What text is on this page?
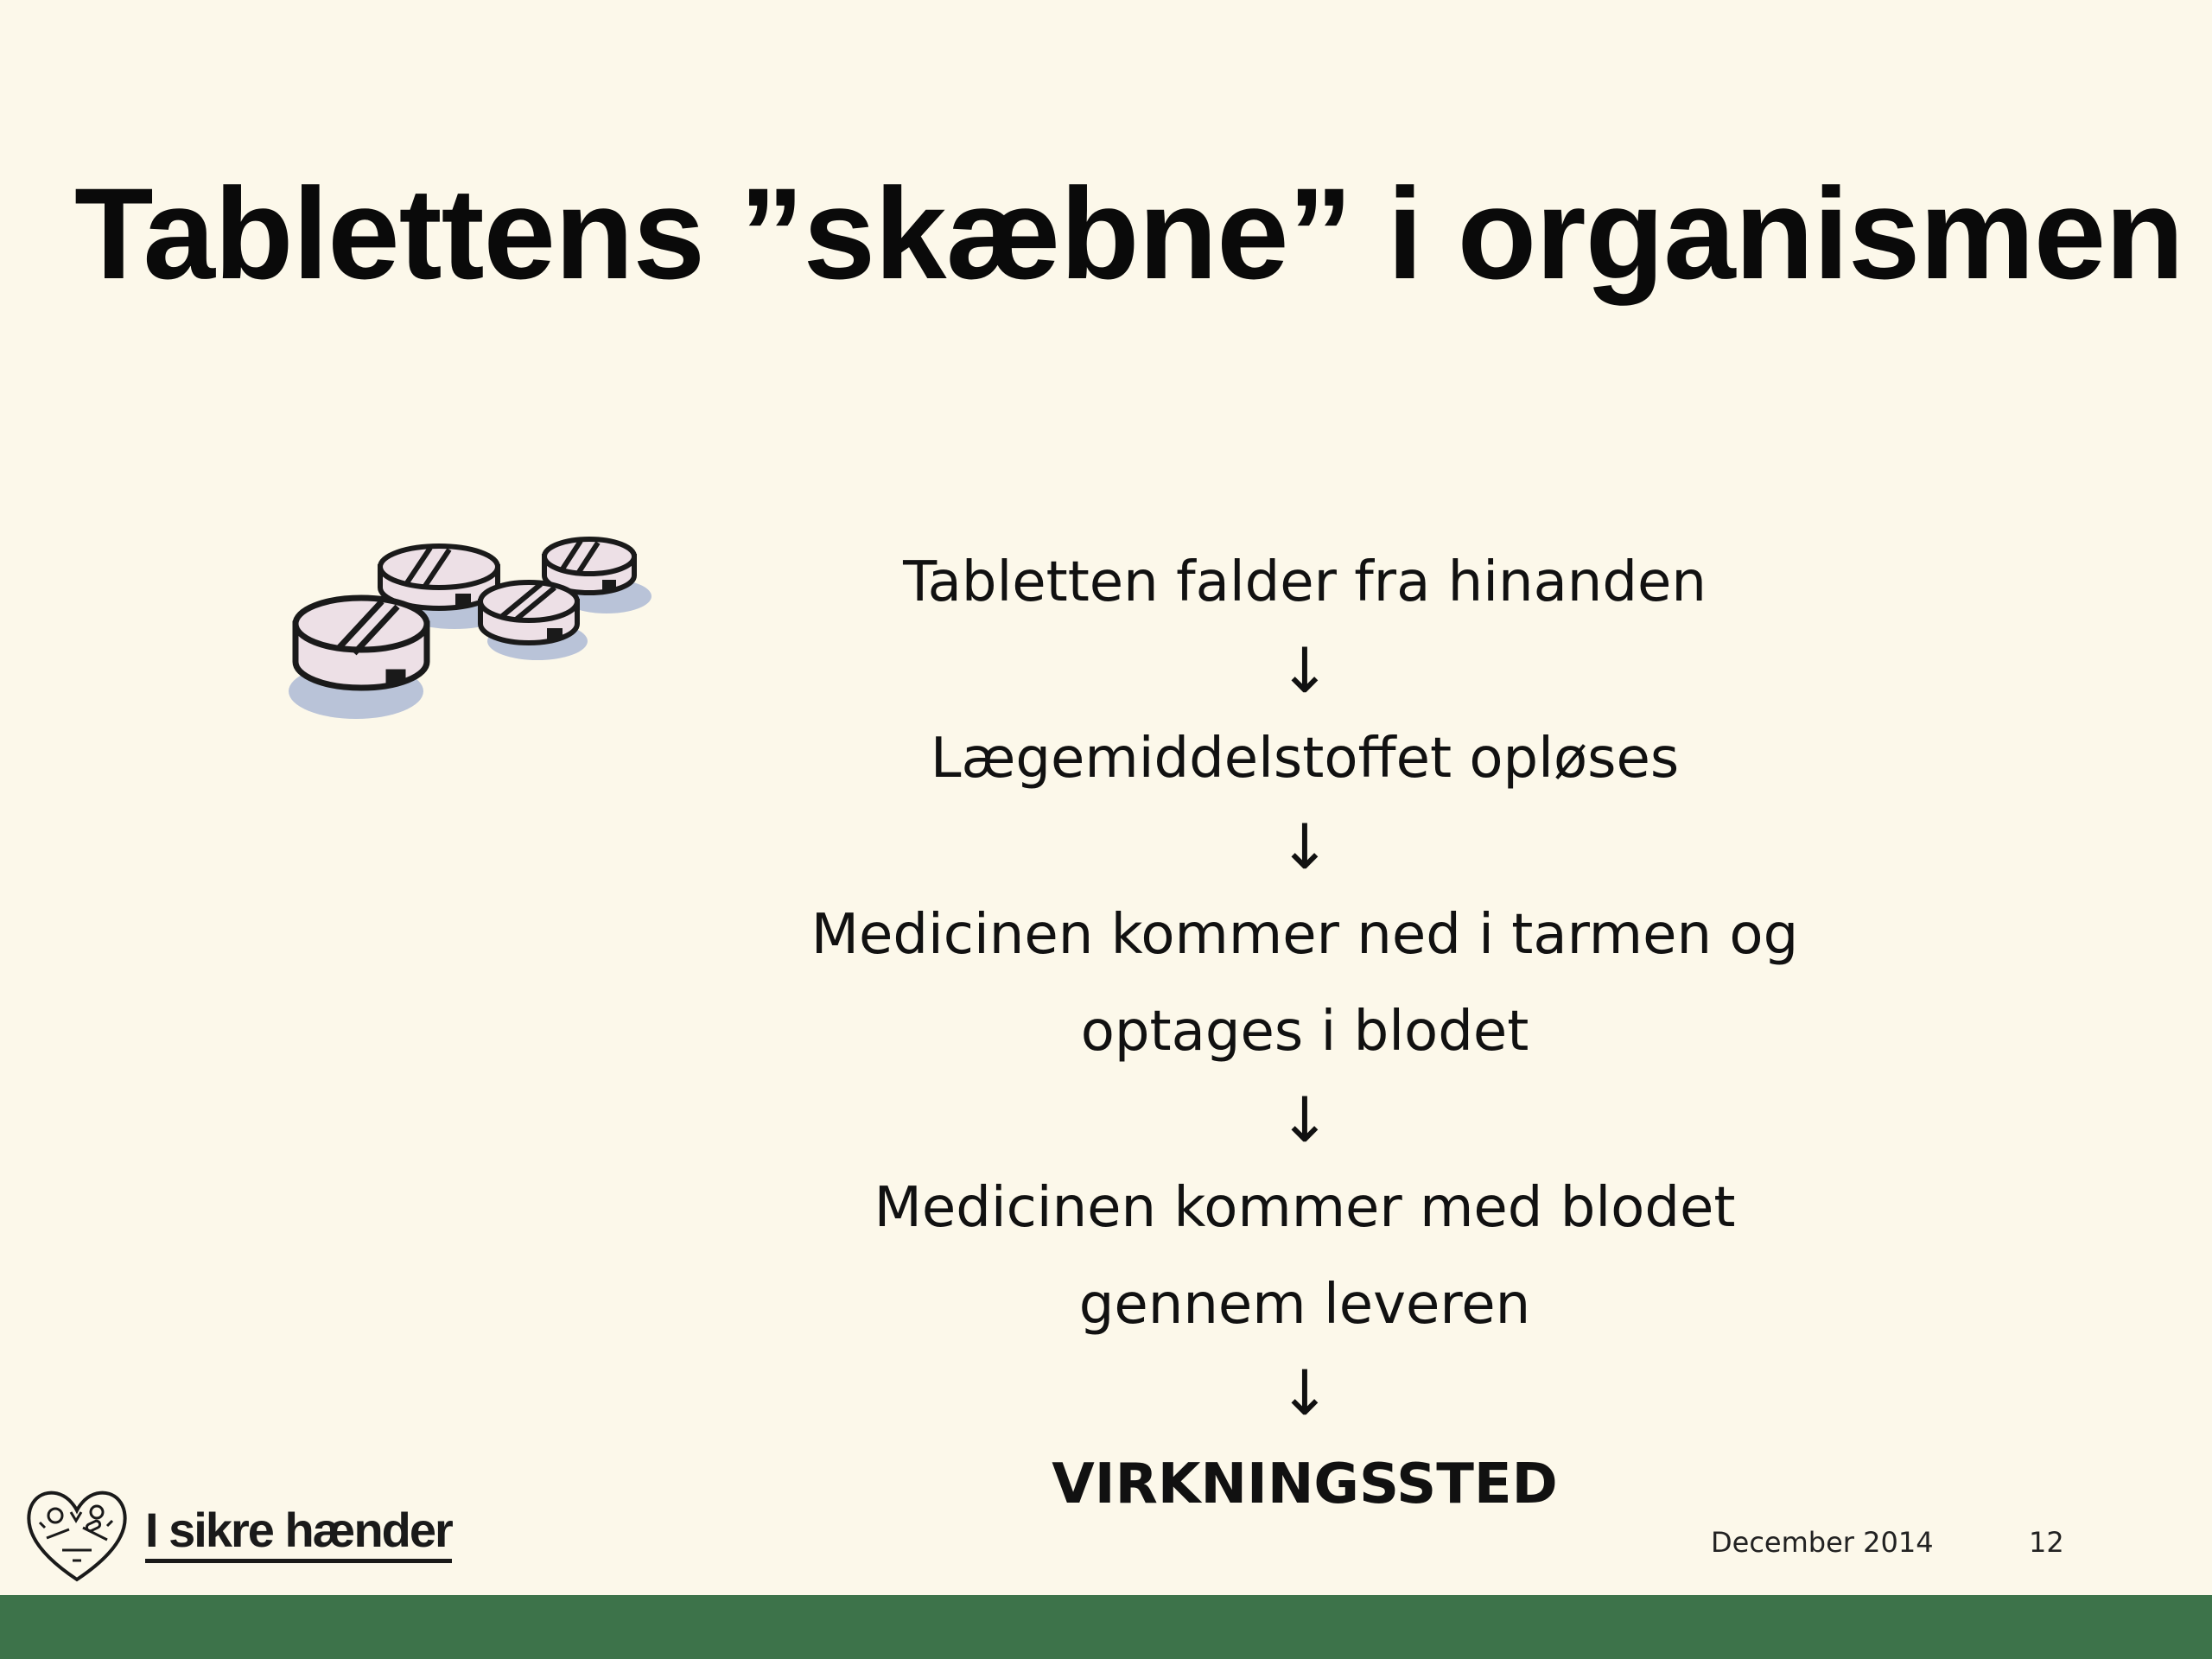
Tablettens ”skæbne” i organismen
Tabletten falder fra hinanden
↓
Lægemiddelstoffet opløses
↓
Medicinen kommer ned i tarmen og
optages i blodet
↓
Medicinen kommer med blodet
gennem leveren
↓
VIRKNINGSSTED
I sikre hænder	December 2014	12
